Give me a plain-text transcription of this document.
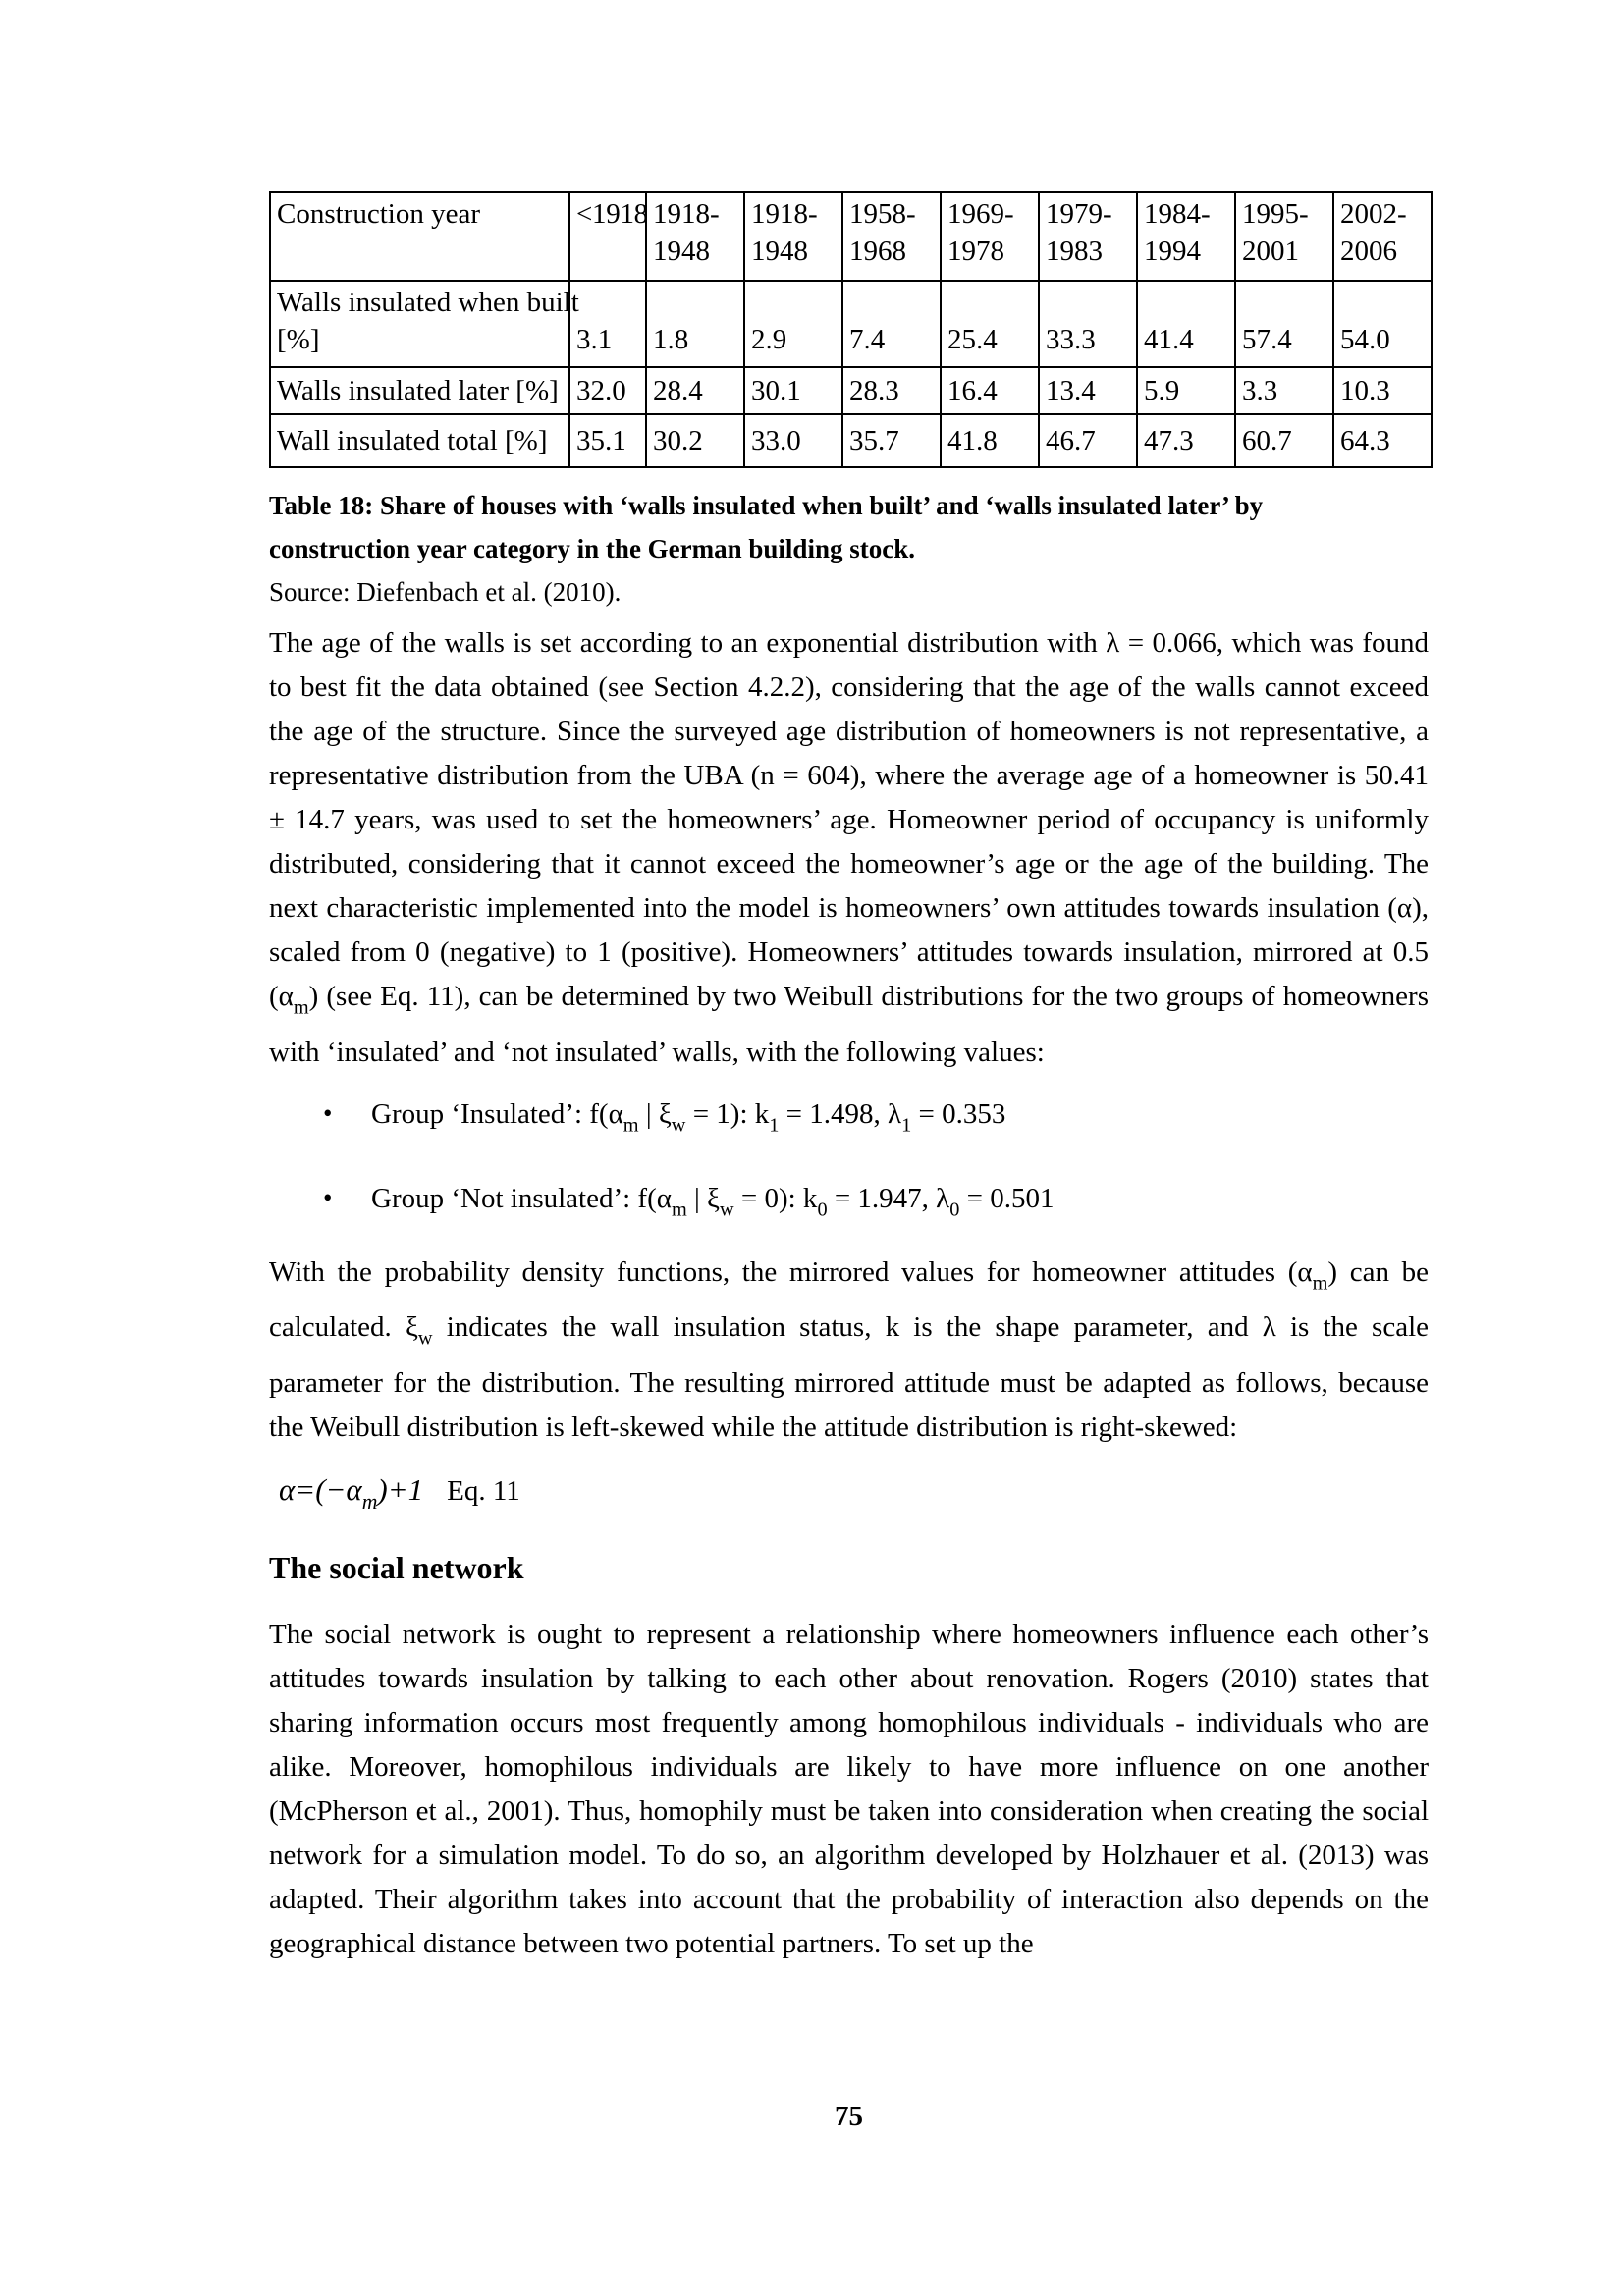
Construction year	<1918	1918-1948	1918-1948	1958-1968	1969-1978	1979-1983	1984-1994	1995-2001	2002-2006

Walls insulated when built
[%]	3.1	1.8	2.9	7.4	25.4	33.3	41.4	57.4	54.0
Walls insulated later [%]	32.0	28.4	30.1	28.3	16.4	13.4	5.9	3.3	10.3
Wall insulated total [%]	35.1	30.2	33.0	35.7	41.8	46.7	47.3	60.7	64.3
Table 18: Share of houses with ‘walls insulated when built’ and ‘walls insulated later’ by
construction year category in the German building stock.
Source: Diefenbach et al. (2010).

The age of the walls is set according to an exponential distribution with λ = 0.066, which was found to best fit the data obtained (see Section 4.2.2), considering that the age of the walls cannot exceed the age of the structure. Since the surveyed age distribution of homeowners is not representative, a representative distribution from the UBA (n = 604), where the average age of a homeowner is 50.41 ± 14.7 years, was used to set the homeowners’ age. Homeowner period of occupancy is uniformly distributed, considering that it cannot exceed the homeowner’s age or the age of the building. The next characteristic implemented into the model is homeowners’ own attitudes towards insulation (α), scaled from 0 (negative) to 1 (positive). Homeowners’ attitudes towards insulation, mirrored at 0.5 $(\alpha_m)$ (see Eq. 11), can be determined by two Weibull distributions for the two groups of homeowners with ‘insulated’ and ‘not insulated’ walls, with the following values:

• Group ‘Insulated’: $f(\alpha_m$ | $\xi_w = 1$): $k_1 = 1.498$, $\lambda_1 = 0.353$
• Group ‘Not insulated’: $f(\alpha_m$ | $\xi_w = 0$): $k_0 = 1.947$, $\lambda_0 = 0.501$

With the probability density functions, the mirrored values for homeowner attitudes $(\alpha_m)$ can be calculated. $\xi_w$ indicates the wall insulation status, k is the shape parameter, and λ is the scale parameter for the distribution. The resulting mirrored attitude must be adapted as follows, because the Weibull distribution is left-skewed while the attitude distribution is right-skewed:

$\alpha=(-\alpha_m)+1$ Eq. 11
The social network

The social network is ought to represent a relationship where homeowners influence each other’s attitudes towards insulation by talking to each other about renovation. Rogers (2010) states that sharing information occurs most frequently among homophilous individuals - individuals who are alike. Moreover, homophilous individuals are likely to have more influence on one another (McPherson et al., 2001). Thus, homophily must be taken into consideration when creating the social network for a simulation model. To do so, an algorithm developed by Holzhauer et al. (2013) was adapted. Their algorithm takes into account that the probability of interaction also depends on the geographical distance between two potential partners. To set up the

75
